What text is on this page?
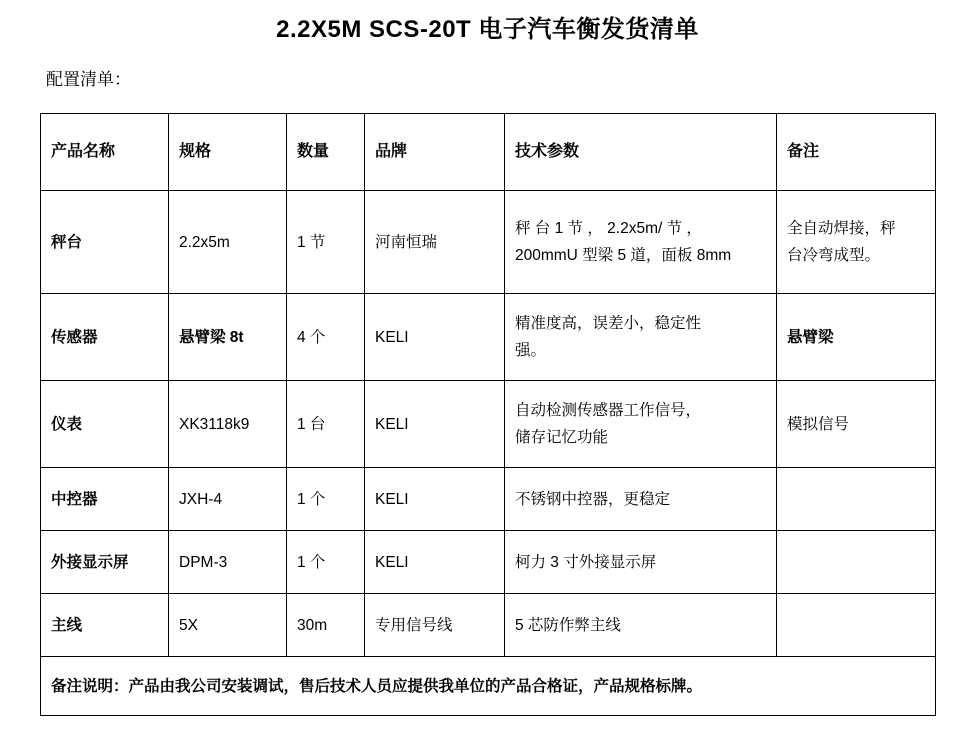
2.2X5M SCS-20T 电子汽车衡发货清单
配置清单：
产品名称	规格	数量	品牌	技术参数	备注
秤台	2.2x5m	1 节	河南恒瑞	秤 台 1 节 ， 2.2x5m/ 节 ，
200mmU 型梁 5 道，面板 8mm	全自动焊接，秤
台冷弯成型。

传感器	悬臂梁 8t	4 个	KELI	精准度高，误差小，稳定性
强。	悬臂梁
仪表	XK3118k9	1 台	KELI	自动检测传感器工作信号，
储存记忆功能	模拟信号
中控器	JXH-4	1 个	KELI	不锈钢中控器，更稳定	
外接显示屏	DPM-3	1 个	KELI	柯力 3 寸外接显示屏	
主线	5X	30m	专用信号线	5 芯防作弊主线	
备注说明：产品由我公司安装调试，售后技术人员应提供我单位的产品合格证，产品规格标牌。					
